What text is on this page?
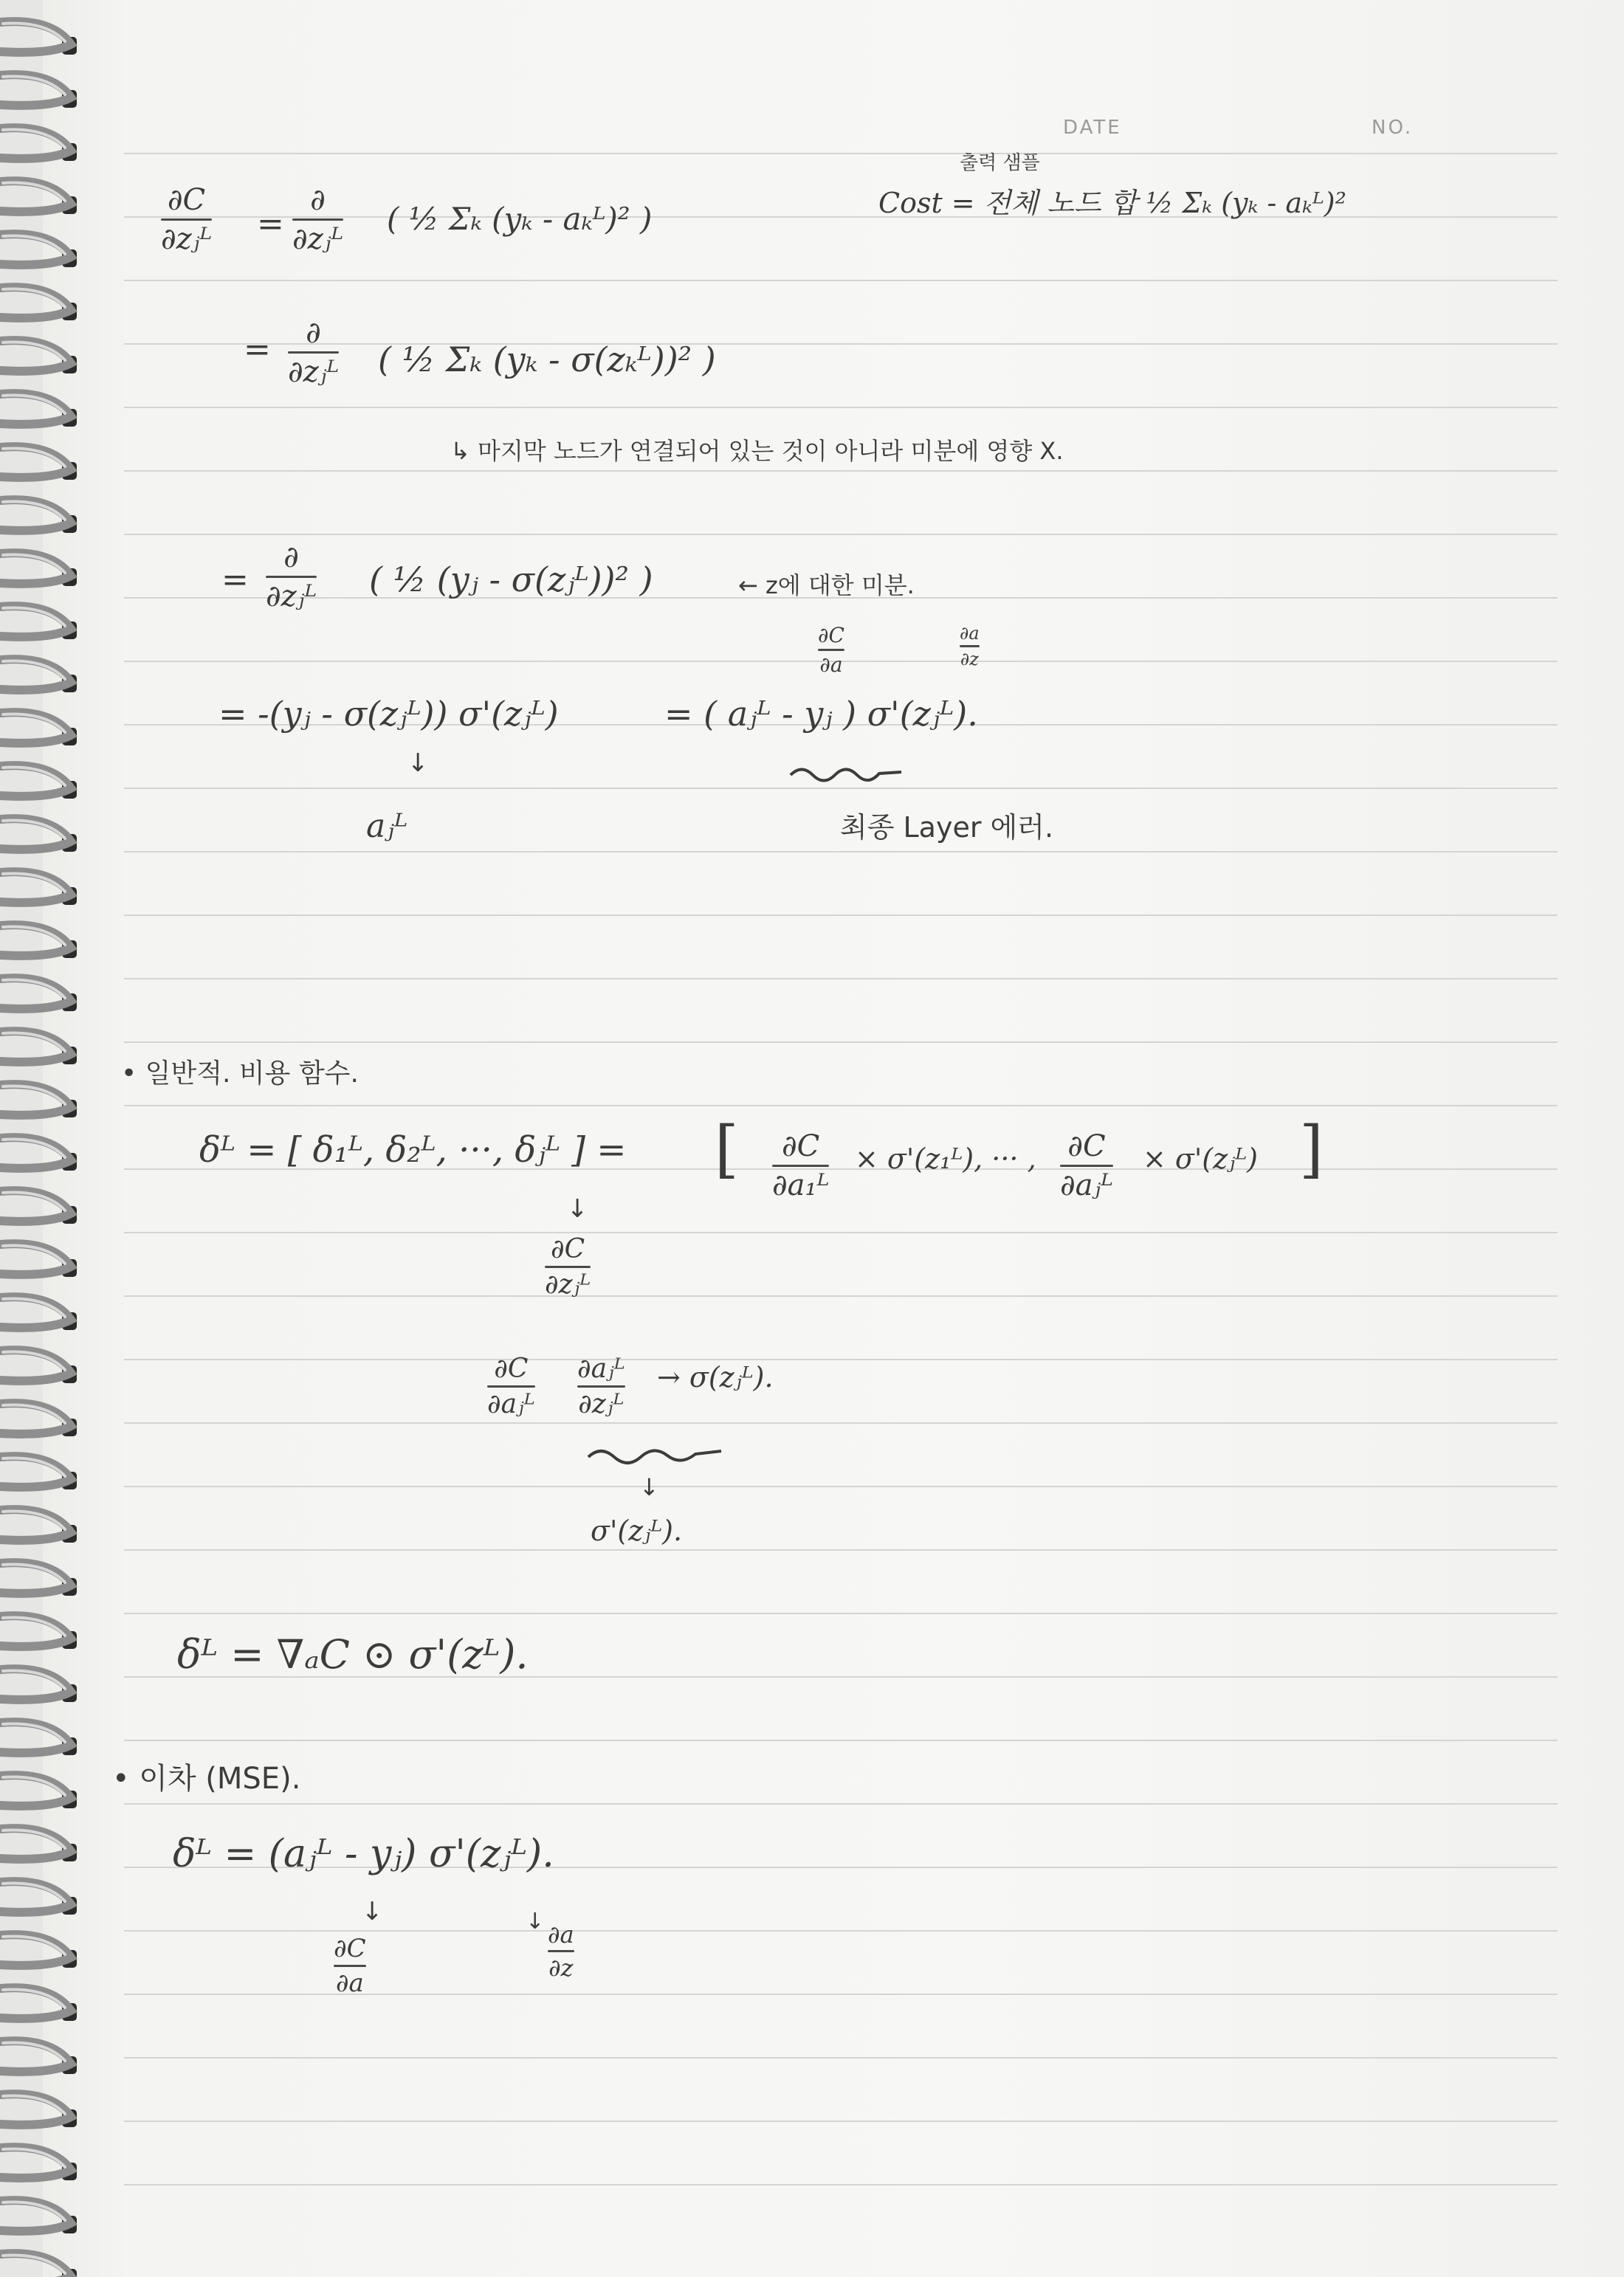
DATE	NO.
∂C
∂zⱼᴸ =
∂
∂zⱼᴸ
( ½ Σₖ (yₖ - aₖᴸ)² )
출력 샘플
Cost = 전체 노드 합 ½ Σₖ (yₖ - aₖᴸ)²
= ∂
∂zⱼᴸ ( ½ Σₖ (yₖ - σ(zₖᴸ))² )
↳ 마지막 노드가 연결되어 있는 것이 아니라 미분에 영향 X.
=
∂
∂zⱼᴸ ( ½ (yⱼ - σ(zⱼᴸ))² )	← z에 대한 미분.
∂C
∂a
∂a
∂z
= -(yⱼ - σ(zⱼᴸ)) σ'(zⱼᴸ)	= ( aⱼᴸ - yⱼ ) σ'(zⱼᴸ).
↓
aⱼᴸ	최종 Layer 에러.
• 일반적. 비용 함수.
δᴸ = [ δ₁ᴸ, δ₂ᴸ, ···, δⱼᴸ ] = [ ∂C
∂a₁ᴸ
× σ'(z₁ᴸ), ··· , ∂C
∂aⱼᴸ
× σ'(zⱼᴸ) ]
↓
∂C
∂zⱼᴸ
∂C
∂aⱼᴸ
∂aⱼᴸ
∂zⱼᴸ
→ σ(zⱼᴸ).
↓
σ'(zⱼᴸ).
δᴸ = ∇ₐC ⊙ σ'(zᴸ).
• 이차 (MSE).
δᴸ = (aⱼᴸ - yⱼ) σ'(zⱼᴸ).
↓	↓
∂C
∂a
∂a
∂z
